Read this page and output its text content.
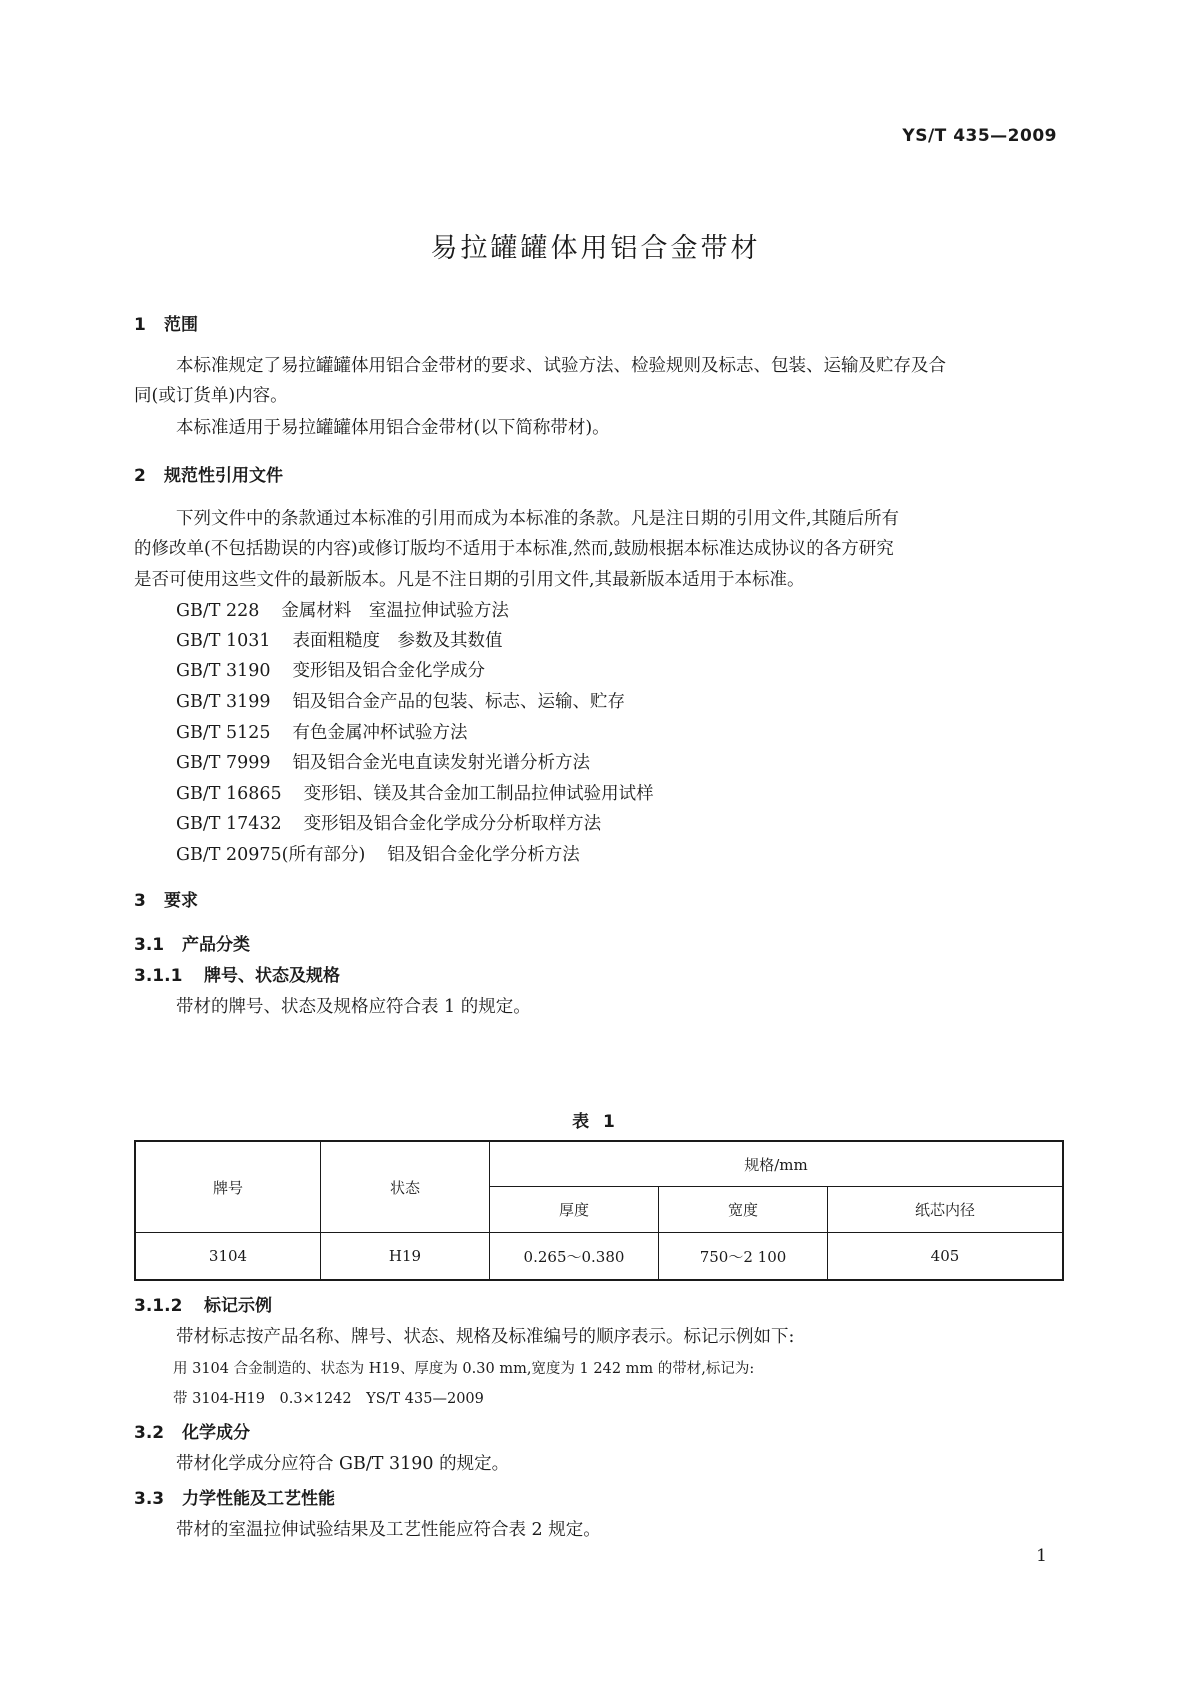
YS/T 435—2009
易拉罐罐体用铝合金带材
1 范围
本标准规定了易拉罐罐体用铝合金带材的要求、试验方法、检验规则及标志、包装、运输及贮存及合
同(或订货单)内容。
本标准适用于易拉罐罐体用铝合金带材(以下简称带材)。
2 规范性引用文件
下列文件中的条款通过本标准的引用而成为本标准的条款。凡是注日期的引用文件,其随后所有
的修改单(不包括勘误的内容)或修订版均不适用于本标准,然而,鼓励根据本标准达成协议的各方研究
是否可使用这些文件的最新版本。凡是不注日期的引用文件,其最新版本适用于本标准。
GB/T 228 金属材料　室温拉伸试验方法
GB/T 1031 表面粗糙度　参数及其数值
GB/T 3190 变形铝及铝合金化学成分
GB/T 3199 铝及铝合金产品的包装、标志、运输、贮存
GB/T 5125 有色金属冲杯试验方法
GB/T 7999 铝及铝合金光电直读发射光谱分析方法
GB/T 16865 变形铝、镁及其合金加工制品拉伸试验用试样
GB/T 17432 变形铝及铝合金化学成分分析取样方法
GB/T 20975(所有部分) 铝及铝合金化学分析方法
3 要求
3.1 产品分类
3.1.1 牌号、状态及规格
带材的牌号、状态及规格应符合表 1 的规定。
表 1
牌号	状态	规格/mm		
		厚度	宽度	纸芯内径
3104	H19	0.265～0.380	750～2 100	405
3.1.2 标记示例
带材标志按产品名称、牌号、状态、规格及标准编号的顺序表示。标记示例如下:
用 3104 合金制造的、状态为 H19、厚度为 0.30 mm,宽度为 1 242 mm 的带材,标记为:
带 3104-H19　0.3×1242　YS/T 435—2009
3.2 化学成分
带材化学成分应符合 GB/T 3190 的规定。
3.3 力学性能及工艺性能
带材的室温拉伸试验结果及工艺性能应符合表 2 规定。
1
